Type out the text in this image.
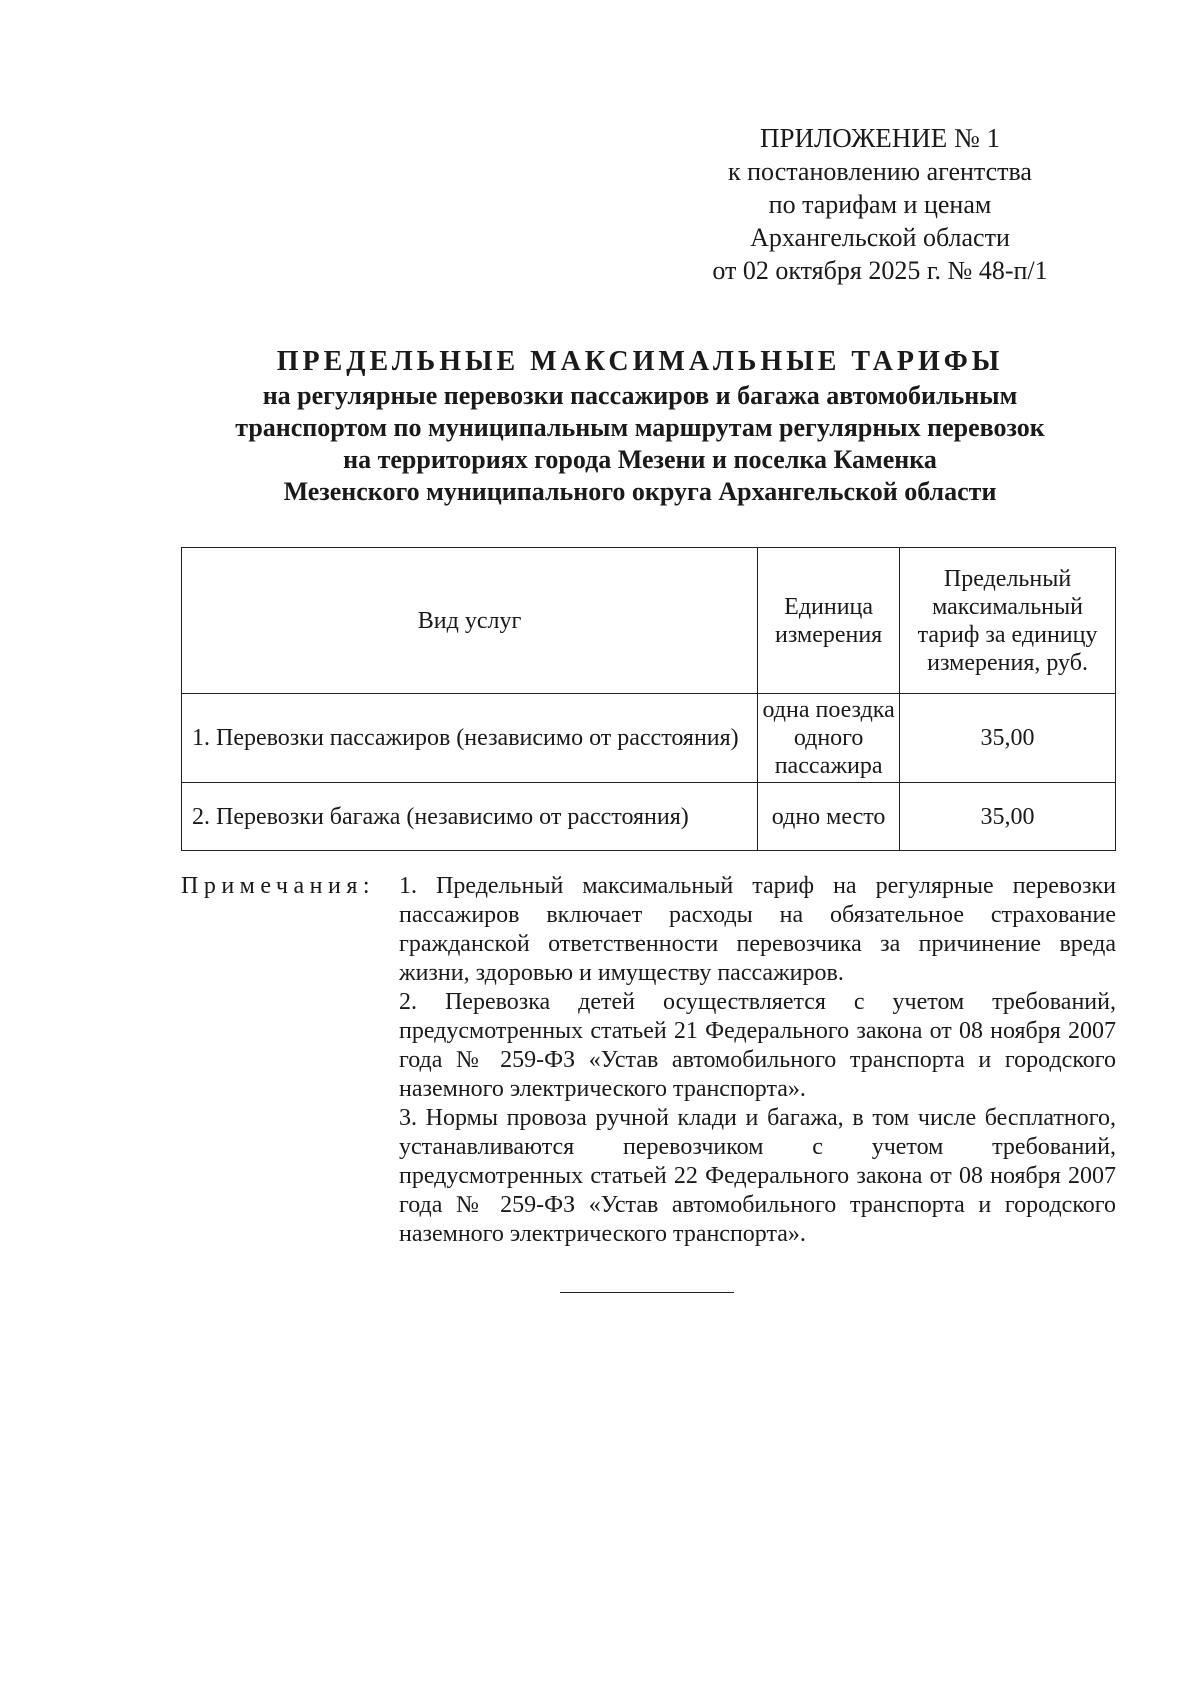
ПРИЛОЖЕНИЕ № 1
к постановлению агентства
по тарифам и ценам
Архангельской области
от 02 октября 2025 г. № 48-п/1
ПРЕДЕЛЬНЫЕ МАКСИМАЛЬНЫЕ ТАРИФЫ
на регулярные перевозки пассажиров и багажа автомобильным
транспортом по муниципальным маршрутам регулярных перевозок
на территориях города Мезени и поселка Каменка
Мезенского муниципального округа Архангельской области
Вид услуг	Единица измерения	Предельный максимальный тариф за единицу измерения, руб.
1. Перевозки пассажиров (независимо от расстояния)	одна поездка одного пассажира	35,00
2. Перевозки багажа (независимо от расстояния)	одно место	35,00
Примечания: 1. Предельный максимальный тариф на регулярные перевозки пассажиров включает расходы на обязательное страхование гражданской ответственности перевозчика за причинение вреда жизни, здоровью и имуществу пассажиров.
2. Перевозка детей осуществляется с учетом требований, предусмотренных статьей 21 Федерального закона от 08 ноября 2007 года № 259-ФЗ «Устав автомобильного транспорта и городского наземного электрического транспорта».
3. Нормы провоза ручной клади и багажа, в том числе бесплатного, устанавливаются перевозчиком с учетом требований, предусмотренных статьей 22 Федерального закона от 08 ноября 2007 года № 259-ФЗ «Устав автомобильного транспорта и городского наземного электрического транспорта».
